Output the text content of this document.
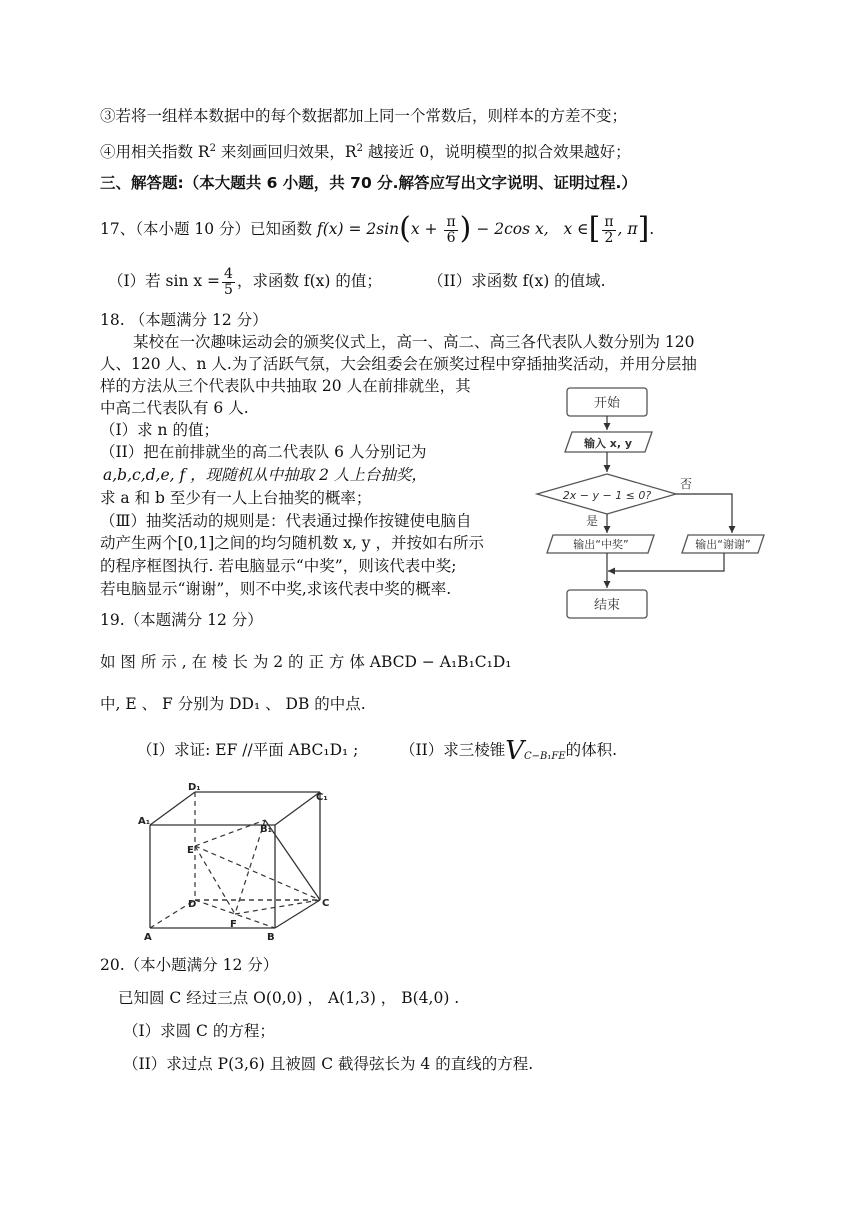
③若将一组样本数据中的每个数据都加上同一个常数后，则样本的方差不变；
④用相关指数 $R^2$ 来刻画回归效果，$R^2$ 越接近 0，说明模型的拟合效果越好；
三、解答题:（本大题共 6 小题，共 70 分.解答应写出文字说明、证明过程.）
17、（本小题 10 分）已知函数 $f(x) = 2\sin(x + \frac{\pi}{6}$ ) − 2cos x, x ∈[ $\frac{\pi}{2}$ , π].
（I）若 $\sin x = \frac{4}{5}$ ，求函数 f(x) 的值；	（II）求函数 f(x) 的值域.
18. （本题满分 12 分）
某校在一次趣味运动会的颁奖仪式上，高一、高二、高三各代表队人数分别为 120
人、120 人、n 人.为了活跃气氛，大会组委会在颁奖过程中穿插抽奖活动，并用分层抽
样的方法从三个代表队中共抽取 20 人在前排就坐，其
中高二代表队有 6 人.
（I）求 n 的值；
（II）把在前排就坐的高二代表队 6 人分别记为
a,b,c,d,e, f ，现随机从中抽取 2 人上台抽奖，
求 a 和 b 至少有一人上台抽奖的概率；
（Ⅲ）抽奖活动的规则是：代表通过操作按键使电脑自
动产生两个[0,1]之间的均匀随机数 x, y ，并按如右所示
的程序框图执行. 若电脑显示“中奖”，则该代表中奖;
若电脑显示“谢谢”，则不中奖,求该代表中奖的概率.
开始
输入 x, y
2x − y − 1 ≤ 0?
否
是
输出“中奖”	输出“谢谢”
结束
19.（本题满分 12 分）
如 图 所 示 , 在 棱 长 为 2 的 正 方 体 ABCD − A₁B₁C₁D₁
中, E 、 F 分别为 DD₁ 、 DB 的中点.
（I）求证: EF //平面 ABC₁D₁ ;	（II）求三棱锥$V_{C-B_1FE}$的体积.
D₁
C₁
A₁
B₁
E
D	C
A	B
F
20.（本小题满分 12 分）
已知圆 C 经过三点 O(0,0) ， A(1,3) ， B(4,0) .
（I）求圆 C 的方程；
（II）求过点 P(3,6) 且被圆 C 截得弦长为 4 的直线的方程.
